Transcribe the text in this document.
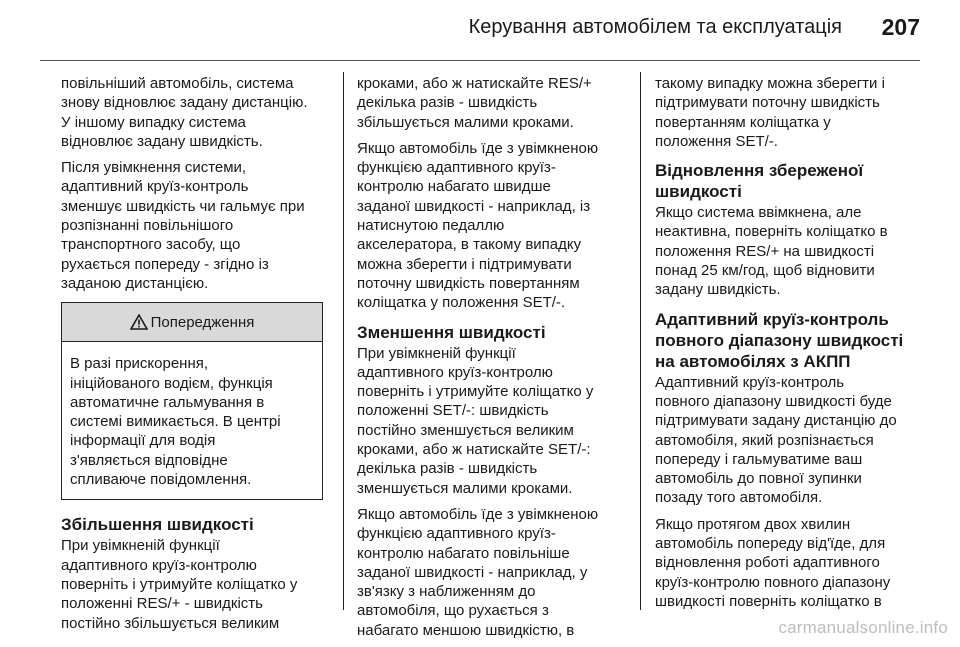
Керування автомобілем та експлуатація 207

повільніший автомобіль, система
знову відновлює задану дистанцію.
У іншому випадку система
відновлює задану швидкість.

Після увімкнення системи,
адаптивний круїз-контроль
зменшує швидкість чи гальмує при
розпізнанні повільнішого
транспортного засобу, що
рухається попереду - згідно із
заданою дистанцією.

Попередження
В разі прискорення,
ініційованого водієм, функція
автоматичне гальмування в
системі вимикається. В центрі
інформації для водія
з'являється відповідне
спливаюче повідомлення.
Збільшення швидкості

При увімкненій функції
адаптивного круїз-контролю
поверніть і утримуйте коліщатко у
положенні RES/+ - швидкість
постійно збільшується великим

кроками, або ж натискайте RES/+
декілька разів - швидкість
збільшується малими кроками.

Якщо автомобіль їде з увімкненою
функцією адаптивного круїз-
контролю набагато швидше
заданої швидкості - наприклад, із
натиснутою педаллю
акселератора, в такому випадку
можна зберегти і підтримувати
поточну швидкість повертанням
коліщатка у положення SET/-.

Зменшення швидкості

При увімкненій функції
адаптивного круїз-контролю
поверніть і утримуйте коліщатко у
положенні SET/-: швидкість
постійно зменшується великим
кроками, або ж натискайте SET/-:
декілька разів - швидкість
зменшується малими кроками.

Якщо автомобіль їде з увімкненою
функцією адаптивного круїз-
контролю набагато повільніше
заданої швидкості - наприклад, у
зв'язку з наближенням до
автомобіля, що рухається з
набагато меншою швидкістю, в

такому випадку можна зберегти і
підтримувати поточну швидкість
повертанням коліщатка у
положення SET/-.

Відновлення збереженої
швидкості

Якщо система ввімкнена, але
неактивна, поверніть коліщатко в
положення RES/+ на швидкості
понад 25 км/год, щоб відновити
задану швидкість.

Адаптивний круїз-контроль
повного діапазону швидкості
на автомобілях з АКПП

Адаптивний круїз-контроль
повного діапазону швидкості буде
підтримувати задану дистанцію до
автомобіля, який розпізнається
попереду і гальмуватиме ваш
автомобіль до повної зупинки
позаду того автомобіля.

Якщо протягом двох хвилин
автомобіль попереду від'їде, для
відновлення роботі адаптивного
круїз-контролю повного діапазону
швидкості поверніть коліщатко в

carmanualsonline.info
